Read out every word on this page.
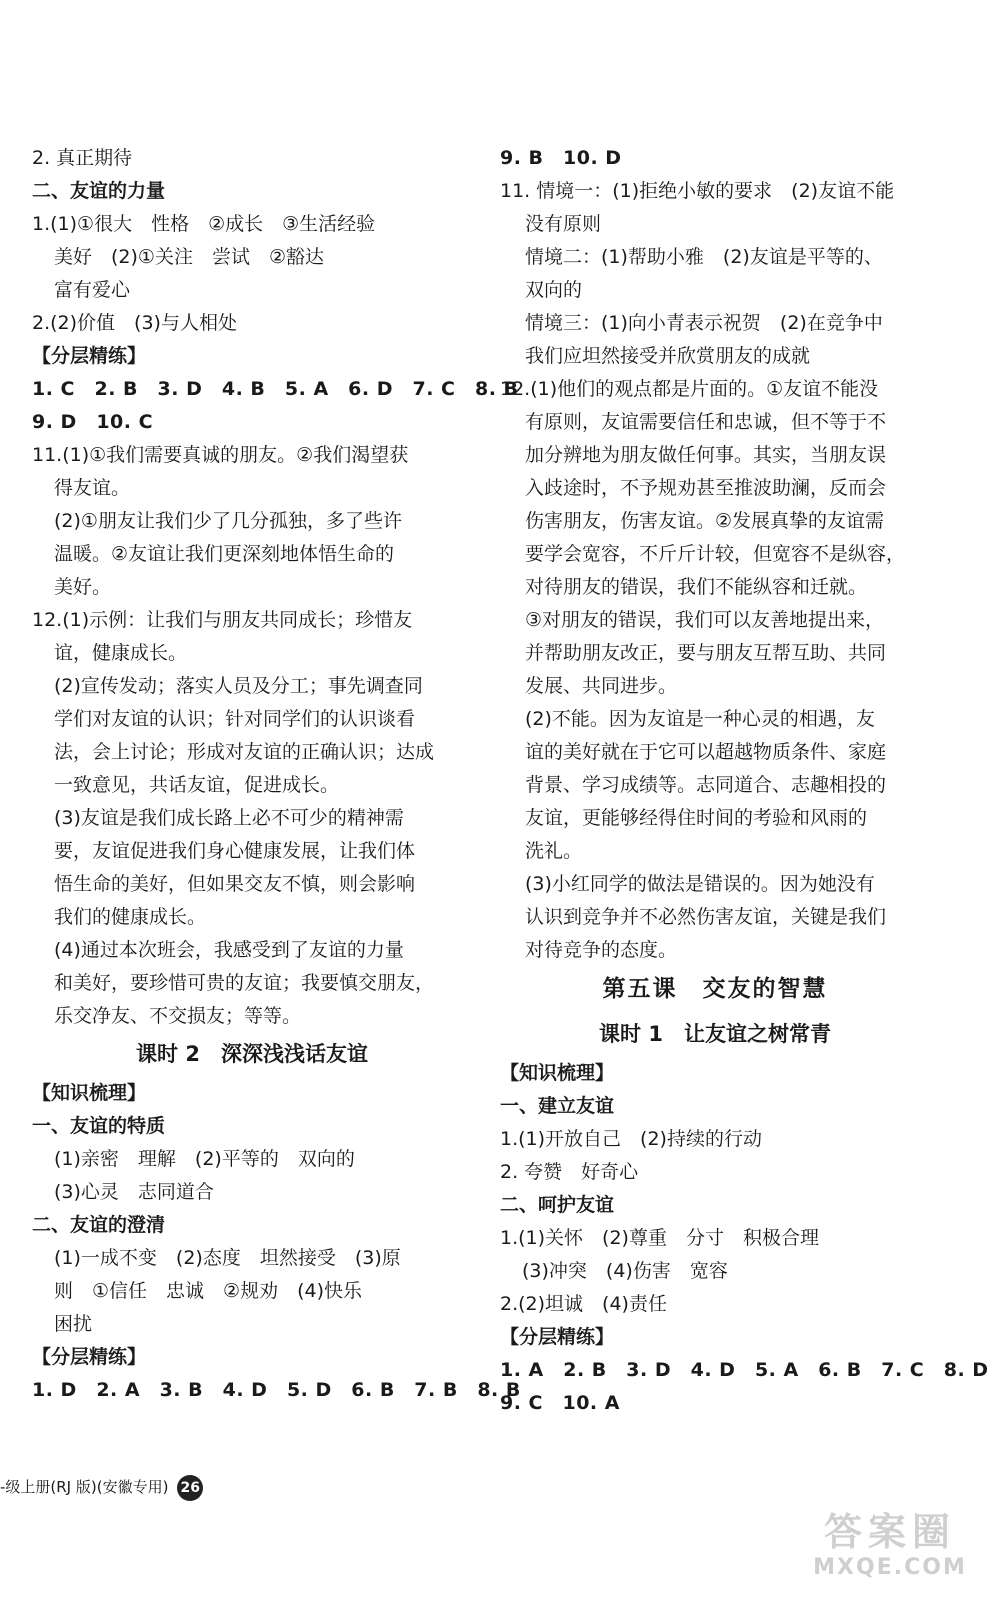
2. 真正期待
二、友谊的力量
1.(1)①很大　性格　②成长　③生活经验
美好　(2)①关注　尝试　②豁达
富有爱心
2.(2)价值　(3)与人相处
【分层精练】
1. C　2. B　3. D　4. B　5. A　6. D　7. C　8. B
9. D　10. C
11.(1)①我们需要真诚的朋友。②我们渴望获
得友谊。
(2)①朋友让我们少了几分孤独，多了些许
温暖。②友谊让我们更深刻地体悟生命的
美好。
12.(1)示例：让我们与朋友共同成长；珍惜友
谊，健康成长。
(2)宣传发动；落实人员及分工；事先调查同
学们对友谊的认识；针对同学们的认识谈看
法，会上讨论；形成对友谊的正确认识；达成
一致意见，共话友谊，促进成长。
(3)友谊是我们成长路上必不可少的精神需
要，友谊促进我们身心健康发展，让我们体
悟生命的美好，但如果交友不慎，则会影响
我们的健康成长。
(4)通过本次班会，我感受到了友谊的力量
和美好，要珍惜可贵的友谊；我要慎交朋友，
乐交净友、不交损友；等等。
课时 2　深深浅浅话友谊
【知识梳理】
一、友谊的特质
(1)亲密　理解　(2)平等的　双向的
(3)心灵　志同道合
二、友谊的澄清
(1)一成不变　(2)态度　坦然接受　(3)原
则　①信任　忠诚　②规劝　(4)快乐
困扰
【分层精练】
1. D　2. A　3. B　4. D　5. D　6. B　7. B　8. B
9. B　10. D
11. 情境一：(1)拒绝小敏的要求　(2)友谊不能
没有原则
情境二：(1)帮助小雅　(2)友谊是平等的、
双向的
情境三：(1)向小青表示祝贺　(2)在竞争中
我们应坦然接受并欣赏朋友的成就
12.(1)他们的观点都是片面的。①友谊不能没
有原则，友谊需要信任和忠诚，但不等于不
加分辨地为朋友做任何事。其实，当朋友误
入歧途时，不予规劝甚至推波助澜，反而会
伤害朋友，伤害友谊。②发展真挚的友谊需
要学会宽容，不斤斤计较，但宽容不是纵容，
对待朋友的错误，我们不能纵容和迁就。
③对朋友的错误，我们可以友善地提出来，
并帮助朋友改正，要与朋友互帮互助、共同
发展、共同进步。
(2)不能。因为友谊是一种心灵的相遇，友
谊的美好就在于它可以超越物质条件、家庭
背景、学习成绩等。志同道合、志趣相投的
友谊，更能够经得住时间的考验和风雨的
洗礼。
(3)小红同学的做法是错误的。因为她没有
认识到竞争并不必然伤害友谊，关键是我们
对待竞争的态度。
第五课　交友的智慧
课时 1　让友谊之树常青
【知识梳理】
一、建立友谊
1.(1)开放自己　(2)持续的行动
2. 夸赞　好奇心
二、呵护友谊
1.(1)关怀　(2)尊重　分寸　积极合理
(3)冲突　(4)伤害　宽容
2.(2)坦诚　(4)责任
【分层精练】
1. A　2. B　3. D　4. D　5. A　6. B　7. C　8. D
9. C　10. A
-级上册(RJ 版)(安徽专用) 26
答案圈
MXQE.COM
